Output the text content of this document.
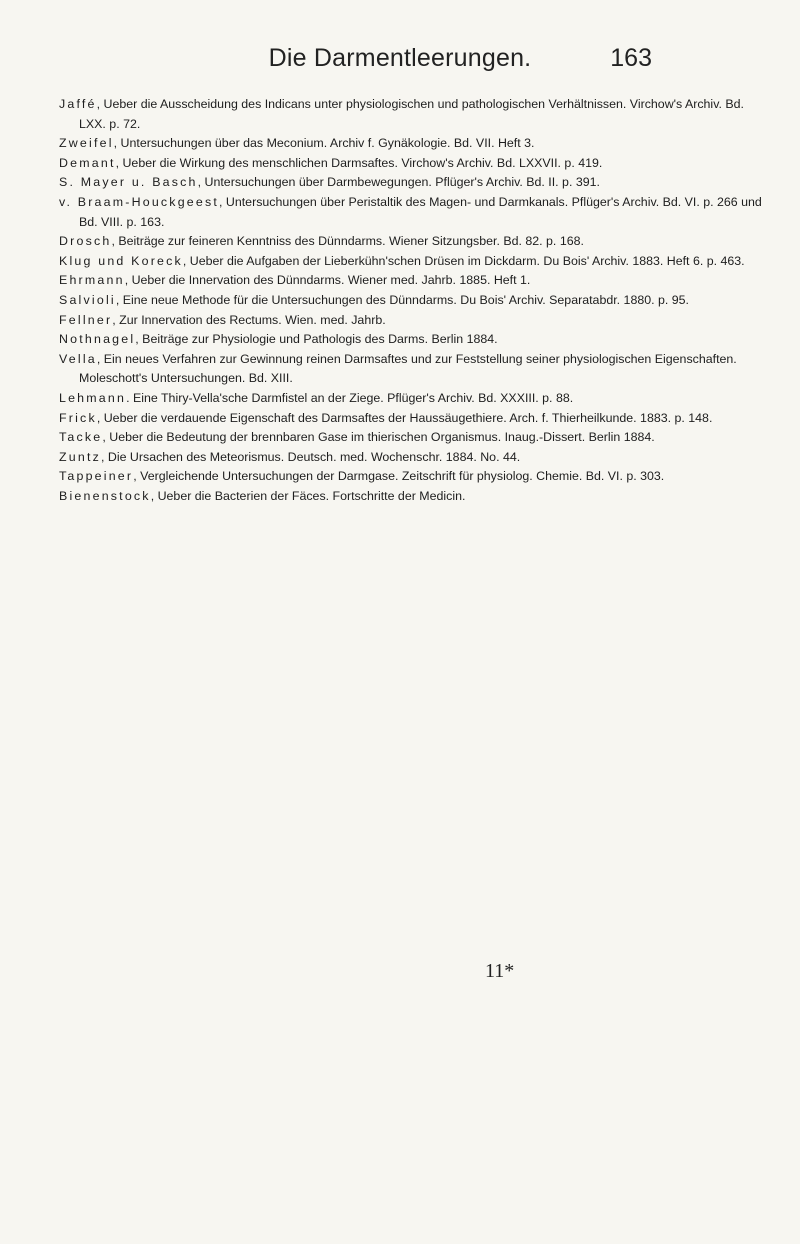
Die Darmentleerungen.	163
Jaffé, Ueber die Ausscheidung des Indicans unter physiologischen und pathologischen Verhältnissen. Virchow's Archiv. Bd. LXX. p. 72.
Zweifel, Untersuchungen über das Meconium. Archiv f. Gynäkologie. Bd. VII. Heft 3.
Demant, Ueber die Wirkung des menschlichen Darmsaftes. Virchow's Archiv. Bd. LXXVII. p. 419.
S. Mayer u. Basch, Untersuchungen über Darmbewegungen. Pflüger's Archiv. Bd. II. p. 391.
v. Braam-Houckgeest, Untersuchungen über Peristaltik des Magen- und Darmkanals. Pflüger's Archiv. Bd. VI. p. 266 und Bd. VIII. p. 163.
Drosch, Beiträge zur feineren Kenntniss des Dünndarms. Wiener Sitzungsber. Bd. 82. p. 168.
Klug und Koreck, Ueber die Aufgaben der Lieberkühn'schen Drüsen im Dickdarm. Du Bois' Archiv. 1883. Heft 6. p. 463.
Ehrmann, Ueber die Innervation des Dünndarms. Wiener med. Jahrb. 1885. Heft 1.
Salvioli, Eine neue Methode für die Untersuchungen des Dünndarms. Du Bois' Archiv. Separatabdr. 1880. p. 95.
Fellner, Zur Innervation des Rectums. Wien. med. Jahrb.
Nothnagel, Beiträge zur Physiologie und Pathologis des Darms. Berlin 1884.
Vella, Ein neues Verfahren zur Gewinnung reinen Darmsaftes und zur Feststellung seiner physiologischen Eigenschaften. Moleschott's Untersuchungen. Bd. XIII.
Lehmann. Eine Thiry-Vella'sche Darmfistel an der Ziege. Pflüger's Archiv. Bd. XXXIII. p. 88.
Frick, Ueber die verdauende Eigenschaft des Darmsaftes der Haussäugethiere. Arch. f. Thierheilkunde. 1883. p. 148.
Tacke, Ueber die Bedeutung der brennbaren Gase im thierischen Organismus. Inaug.-Dissert. Berlin 1884.
Zuntz, Die Ursachen des Meteorismus. Deutsch. med. Wochenschr. 1884. No. 44.
Tappeiner, Vergleichende Untersuchungen der Darmgase. Zeitschrift für physiolog. Chemie. Bd. VI. p. 303.
Bienenstock, Ueber die Bacterien der Fäces. Fortschritte der Medicin.
11*
